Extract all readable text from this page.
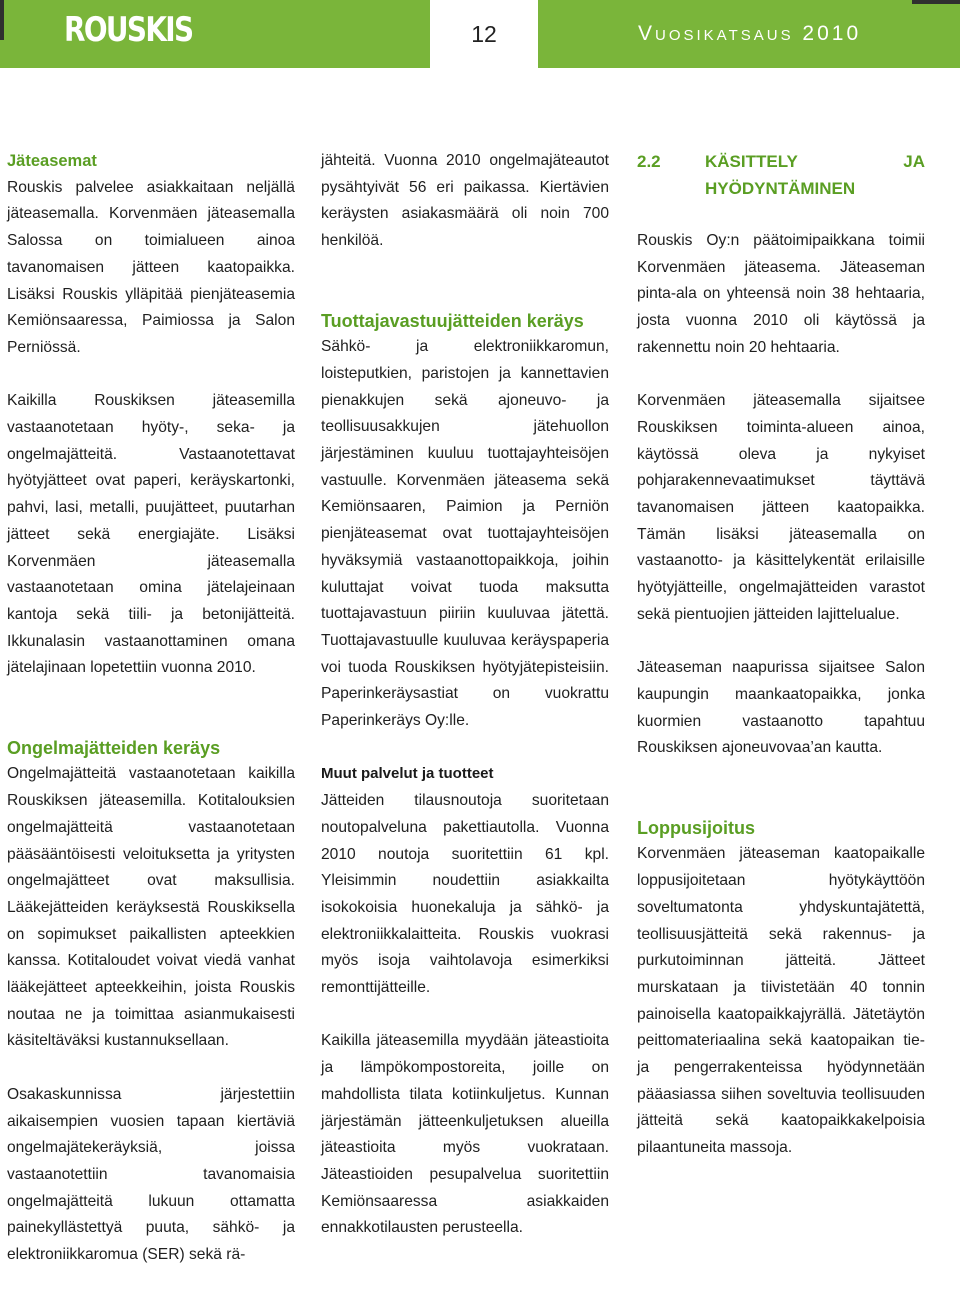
ROUSKIS	12	Vuosikatsaus 2010
Jäteasemat

Rouskis palvelee asiakkaitaan neljällä jäteasemalla. Korvenmäen jäteasemalla Salossa on toimialueen ainoa tavanomaisen jätteen kaatopaikka. Lisäksi Rouskis ylläpitää pienjäteasemia Kemiönsaaressa, Paimiossa ja Salon Perniössä.

Kaikilla Rouskiksen jäteasemilla vastaanotetaan hyöty-, seka- ja ongelmajätteitä. Vastaanotettavat hyötyjätteet ovat paperi, keräyskartonki, pahvi, lasi, metalli, puujätteet, puutarhan jätteet sekä energiajäte. Lisäksi Korvenmäen jäteasemalla vastaanotetaan omina jätelajeinaan kantoja sekä tiili- ja betonijätteitä. Ikkunalasin vastaanottaminen omana jätelajinaan lopetettiin vuonna 2010.

Ongelmajätteiden keräys

Ongelmajätteitä vastaanotetaan kaikilla Rouskiksen jäteasemilla. Kotitalouksien ongelmajätteitä vastaanotetaan pääsääntöisesti veloituksetta ja yritysten ongelmajätteet ovat maksullisia. Lääkejätteiden keräyksestä Rouskiksella on sopimukset paikallisten apteekkien kanssa. Kotitaloudet voivat viedä vanhat lääkejätteet apteekkeihin, joista Rouskis noutaa ne ja toimittaa asianmukaisesti käsiteltäväksi kustannuksellaan.

Osakaskunnissa järjestettiin aikaisempien vuosien tapaan kiertäviä ongelmajätekeräyksiä, joissa vastaanotettiin tavanomaisia ongelmajätteitä lukuun ottamatta painekyllästettyä puuta, sähkö- ja elektroniikkaromua (SER) sekä rä-

jähteitä. Vuonna 2010 ongelmajäteautot pysähtyivät 56 eri paikassa. Kiertävien keräysten asiakasmäärä oli noin 700 henkilöä.

Tuottajavastuujätteiden keräys

Sähkö- ja elektroniikkaromun, loisteputkien, paristojen ja kannettavien pienakkujen sekä ajoneuvo- ja teollisuusakkujen jätehuollon järjestäminen kuuluu tuottajayhteisöjen vastuulle. Korvenmäen jäteasema sekä Kemiönsaaren, Paimion ja Perniön pienjäteasemat ovat tuottajayhteisöjen hyväksymiä vastaanottopaikkoja, joihin kuluttajat voivat tuoda maksutta tuottajavastuun piiriin kuuluvaa jätettä. Tuottajavastuulle kuuluvaa keräyspaperia voi tuoda Rouskiksen hyötyjätepisteisiin. Paperinkeräysastiat on vuokrattu Paperinkeräys Oy:lle.

Muut palvelut ja tuotteet

Jätteiden tilausnoutoja suoritetaan noutopalveluna pakettiautolla. Vuonna 2010 noutoja suoritettiin 61 kpl. Yleisimmin noudettiin asiakkailta isokokoisia huonekaluja ja sähkö- ja elektroniikkalaitteita. Rouskis vuokrasi myös isoja vaihtolavoja esimerkiksi remonttijätteille.

Kaikilla jäteasemilla myydään jäteastioita ja lämpökompostoreita, joille on mahdollista tilata kotiinkuljetus. Kunnan järjestämän jätteenkuljetuksen alueilla jäteastioita myös vuokrataan. Jäteastioiden pesupalvelua suoritettiin Kemiönsaaressa asiakkaiden ennakkotilausten perusteella.

2.2	KÄSITTELY JA HYÖDYNTÄMINEN

Rouskis Oy:n päätoimipaikkana toimii Korvenmäen jäteasema. Jäteaseman pinta-ala on yhteensä noin 38 hehtaaria, josta vuonna 2010 oli käytössä ja rakennettu noin 20 hehtaaria.

Korvenmäen jäteasemalla sijaitsee Rouskiksen toiminta-alueen ainoa, käytössä oleva ja nykyiset pohjarakennevaatimukset täyttävä tavanomaisen jätteen kaatopaikka. Tämän lisäksi jäteasemalla on vastaanotto- ja käsittelykentät erilaisille hyötyjätteille, ongelmajätteiden varastot sekä pientuojien jätteiden lajittelualue.

Jäteaseman naapurissa sijaitsee Salon kaupungin maankaatopaikka, jonka kuormien vastaanotto tapahtuu Rouskiksen ajoneuvovaa’an kautta.

Loppusijoitus

Korvenmäen jäteaseman kaatopaikalle loppusijoitetaan hyötykäyttöön soveltumatonta yhdyskuntajätettä, teollisuusjätteitä sekä rakennus- ja purkutoiminnan jätteitä. Jätteet murskataan ja tiivistetään 40 tonnin painoisella kaatopaikkajyrällä. Jätetäytön peittomateriaalina sekä kaatopaikan tie- ja pengerrakenteissa hyödynnetään pääasiassa siihen soveltuvia teollisuuden jätteitä sekä kaatopaikkakelpoisia pilaantuneita massoja.
